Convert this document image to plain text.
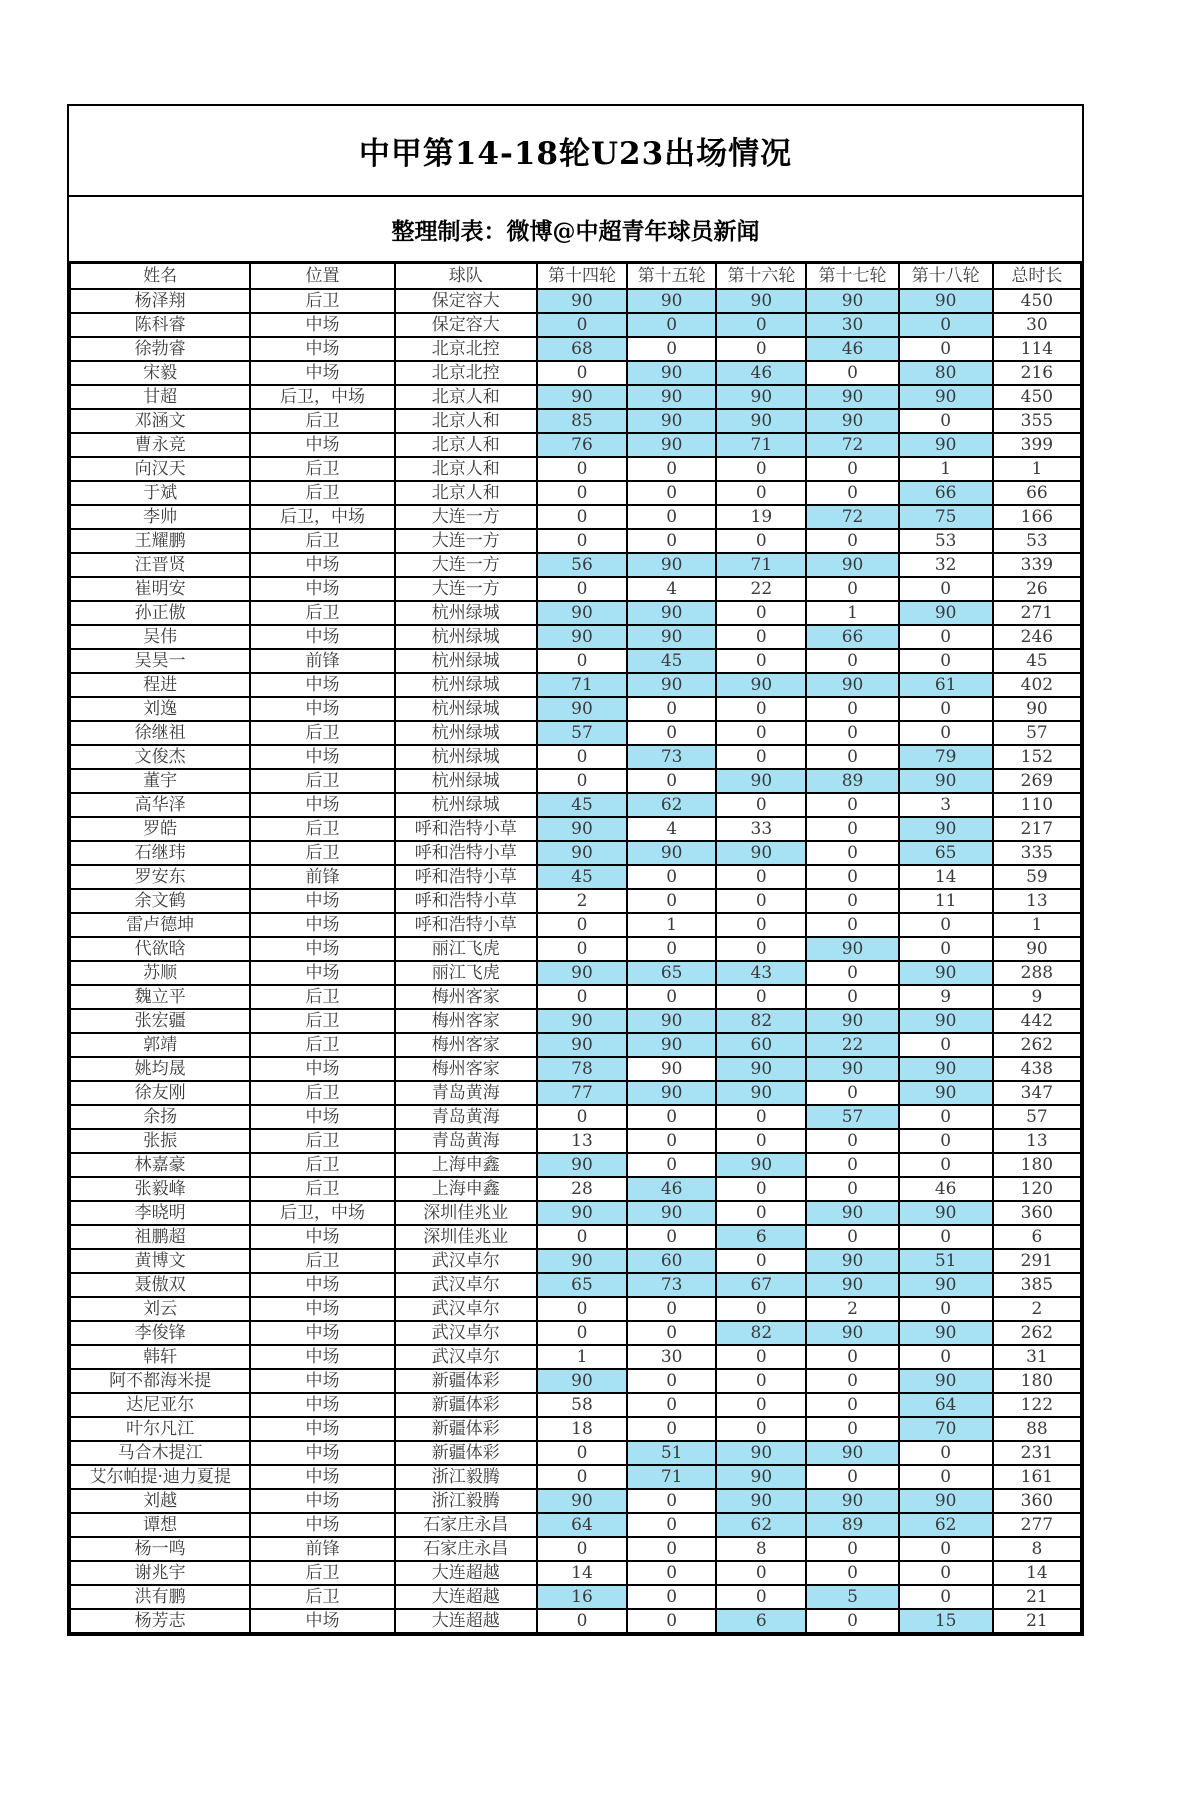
中甲第14-18轮U23出场情况
整理制表：微博@中超青年球员新闻
姓名	位置	球队	第十四轮	第十五轮	第十六轮	第十七轮	第十八轮	总时长
杨泽翔	后卫	保定容大	90	90	90	90	90	450
陈科睿	中场	保定容大	0	0	0	30	0	30
徐勃睿	中场	北京北控	68	0	0	46	0	114
宋毅	中场	北京北控	0	90	46	0	80	216
甘超	后卫，中场	北京人和	90	90	90	90	90	450
邓涵文	后卫	北京人和	85	90	90	90	0	355
曹永竞	中场	北京人和	76	90	71	72	90	399
向汉天	后卫	北京人和	0	0	0	0	1	1
于斌	后卫	北京人和	0	0	0	0	66	66
李帅	后卫，中场	大连一方	0	0	19	72	75	166
王耀鹏	后卫	大连一方	0	0	0	0	53	53
汪晋贤	中场	大连一方	56	90	71	90	32	339
崔明安	中场	大连一方	0	4	22	0	0	26
孙正傲	后卫	杭州绿城	90	90	0	1	90	271
吴伟	中场	杭州绿城	90	90	0	66	0	246
吴昊一	前锋	杭州绿城	0	45	0	0	0	45
程进	中场	杭州绿城	71	90	90	90	61	402
刘逸	中场	杭州绿城	90	0	0	0	0	90
徐继祖	后卫	杭州绿城	57	0	0	0	0	57
文俊杰	中场	杭州绿城	0	73	0	0	79	152
董宇	后卫	杭州绿城	0	0	90	89	90	269
高华泽	中场	杭州绿城	45	62	0	0	3	110
罗皓	后卫	呼和浩特小草	90	4	33	0	90	217
石继玮	后卫	呼和浩特小草	90	90	90	0	65	335
罗安东	前锋	呼和浩特小草	45	0	0	0	14	59
余文鹤	中场	呼和浩特小草	2	0	0	0	11	13
雷卢德坤	中场	呼和浩特小草	0	1	0	0	0	1
代欲晗	中场	丽江飞虎	0	0	0	90	0	90
苏顺	中场	丽江飞虎	90	65	43	0	90	288
魏立平	后卫	梅州客家	0	0	0	0	9	9
张宏疆	后卫	梅州客家	90	90	82	90	90	442
郭靖	后卫	梅州客家	90	90	60	22	0	262
姚均晟	中场	梅州客家	78	90	90	90	90	438
徐友刚	后卫	青岛黄海	77	90	90	0	90	347
余扬	中场	青岛黄海	0	0	0	57	0	57
张振	后卫	青岛黄海	13	0	0	0	0	13
林嘉豪	后卫	上海申鑫	90	0	90	0	0	180
张毅峰	后卫	上海申鑫	28	46	0	0	46	120
李晓明	后卫，中场	深圳佳兆业	90	90	0	90	90	360
祖鹏超	中场	深圳佳兆业	0	0	6	0	0	6
黄博文	后卫	武汉卓尔	90	60	0	90	51	291
聂傲双	中场	武汉卓尔	65	73	67	90	90	385
刘云	中场	武汉卓尔	0	0	0	2	0	2
李俊锋	中场	武汉卓尔	0	0	82	90	90	262
韩轩	中场	武汉卓尔	1	30	0	0	0	31
阿不都海米提	中场	新疆体彩	90	0	0	0	90	180
达尼亚尔	中场	新疆体彩	58	0	0	0	64	122
叶尔凡江	中场	新疆体彩	18	0	0	0	70	88
马合木提江	中场	新疆体彩	0	51	90	90	0	231
艾尔帕提·迪力夏提	中场	浙江毅腾	0	71	90	0	0	161
刘越	中场	浙江毅腾	90	0	90	90	90	360
谭想	中场	石家庄永昌	64	0	62	89	62	277
杨一鸣	前锋	石家庄永昌	0	0	8	0	0	8
谢兆宇	后卫	大连超越	14	0	0	0	0	14
洪有鹏	后卫	大连超越	16	0	0	5	0	21
杨芳志	中场	大连超越	0	0	6	0	15	21
